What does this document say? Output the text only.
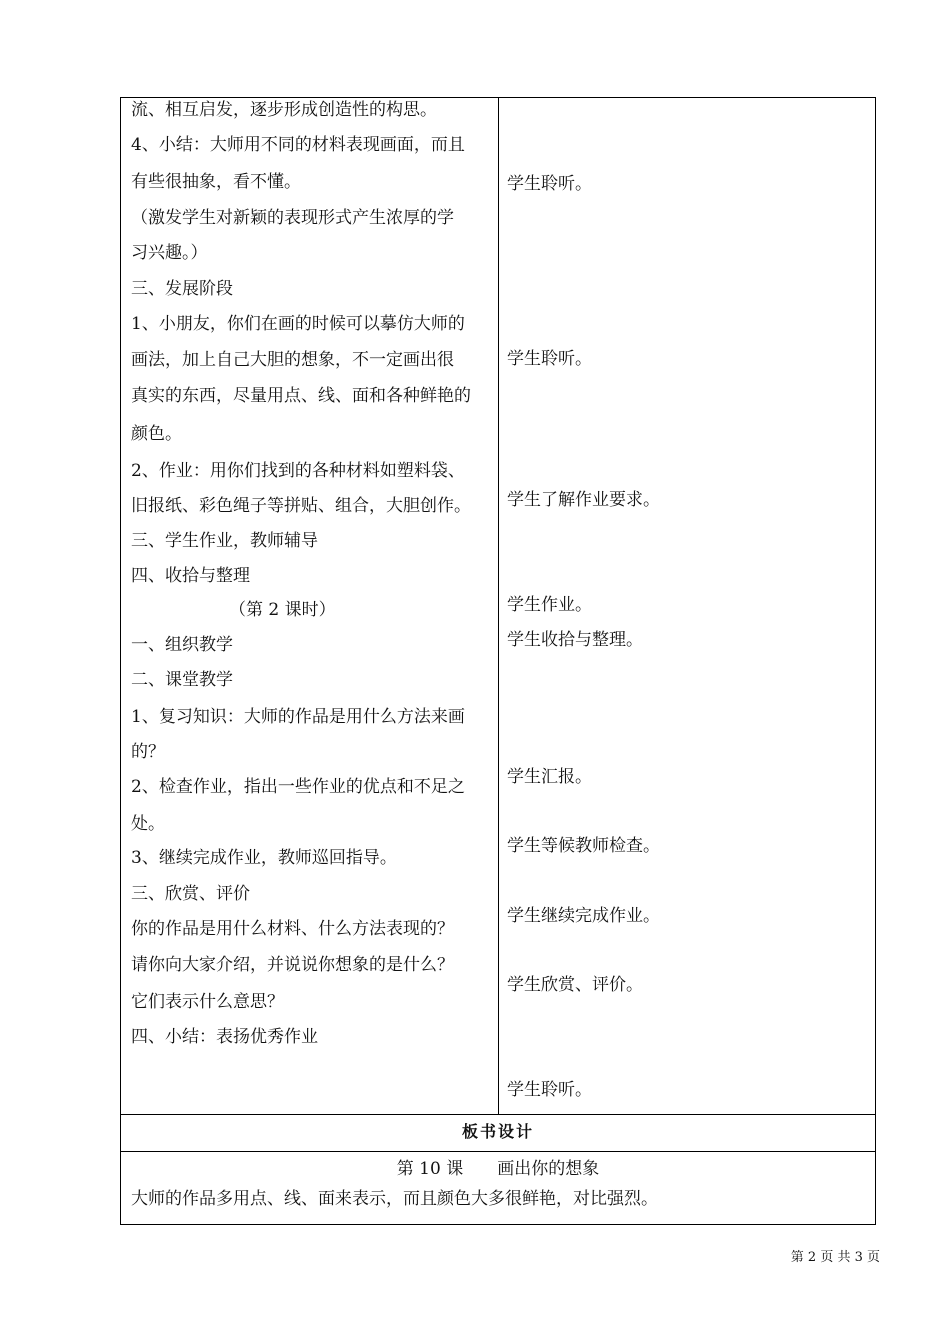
流、相互启发，逐步形成创造性的构思。
4、小结：大师用不同的材料表现画面，而且
有些很抽象，看不懂。
（激发学生对新颖的表现形式产生浓厚的学
习兴趣。）
三、发展阶段
1、小朋友，你们在画的时候可以摹仿大师的
画法，加上自己大胆的想象，不一定画出很
真实的东西，尽量用点、线、面和各种鲜艳的
颜色。
2、作业：用你们找到的各种材料如塑料袋、
旧报纸、彩色绳子等拼贴、组合，大胆创作。
三、学生作业，教师辅导
四、收拾与整理
（第 2 课时）
一、组织教学
二、课堂教学
1、复习知识：大师的作品是用什么方法来画
的？
2、检查作业，指出一些作业的优点和不足之
处。
3、继续完成作业，教师巡回指导。
三、欣赏、评价
你的作品是用什么材料、什么方法表现的？
请你向大家介绍，并说说你想象的是什么？
它们表示什么意思？
四、小结：表扬优秀作业
学生聆听。
学生聆听。
学生了解作业要求。
学生作业。
学生收拾与整理。
学生汇报。
学生等候教师检查。
学生继续完成作业。
学生欣赏、评价。
学生聆听。
板书设计
第 10 课　　画出你的想象
大师的作品多用点、线、面来表示，而且颜色大多很鲜艳，对比强烈。
第 2 页 共 3 页
